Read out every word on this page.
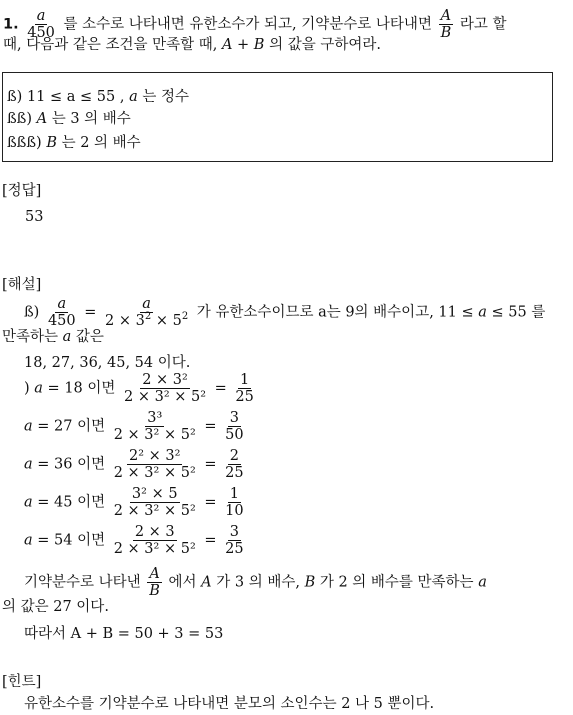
1. $\frac{a}{450}$ 를 소수로 나타내면 유한소수가 되고, 기약분수로 나타내면 $\frac{A}{B}$ 라고 할
때, 다음과 같은 조건을 만족할 때, A + B 의 값을 구하여라.
ß) 11 ≤ a ≤ 55 , a 는 정수
ßß) A 는 3 의 배수
ßßß) B 는 2 의 배수
[정답]
53
[해설]
ß) $\frac{a}{450} = \frac{a}{2 \times 3^2 \times 5^2}$ 가 유한소수이므로 a는 9의 배수이고, 11 ≤ a ≤ 55 를
만족하는 a 값은
18, 27, 36, 45, 54 이다.
) a = 18 이면 $\frac{\text{2 × 3²}}{\text{2 × 3² × 5²}} = \frac{1}{25}$
a = 27 이면 $\frac{\text{3³}}{\text{2 × 3² × 5²}} = \frac{3}{50}$
a = 36 이면 $\frac{\text{2² × 3²}}{\text{2 × 3² × 5²}} = \frac{2}{25}$
a = 45 이면 $\frac{\text{3² × 5}}{\text{2 × 3² × 5²}} = \frac{1}{10}$
a = 54 이면 $\frac{2 \times 3}{\text{2 × 3² × 5²}} = \frac{3}{25}$
기약분수로 나타낸 $\frac{A}{B}$ 에서 A 가 3 의 배수, B 가 2 의 배수를 만족하는 a
의 값은 27 이다.
따라서 A + B = 50 + 3 = 53
[힌트]
유한소수를 기약분수로 나타내면 분모의 소인수는 2 나 5 뿐이다.
